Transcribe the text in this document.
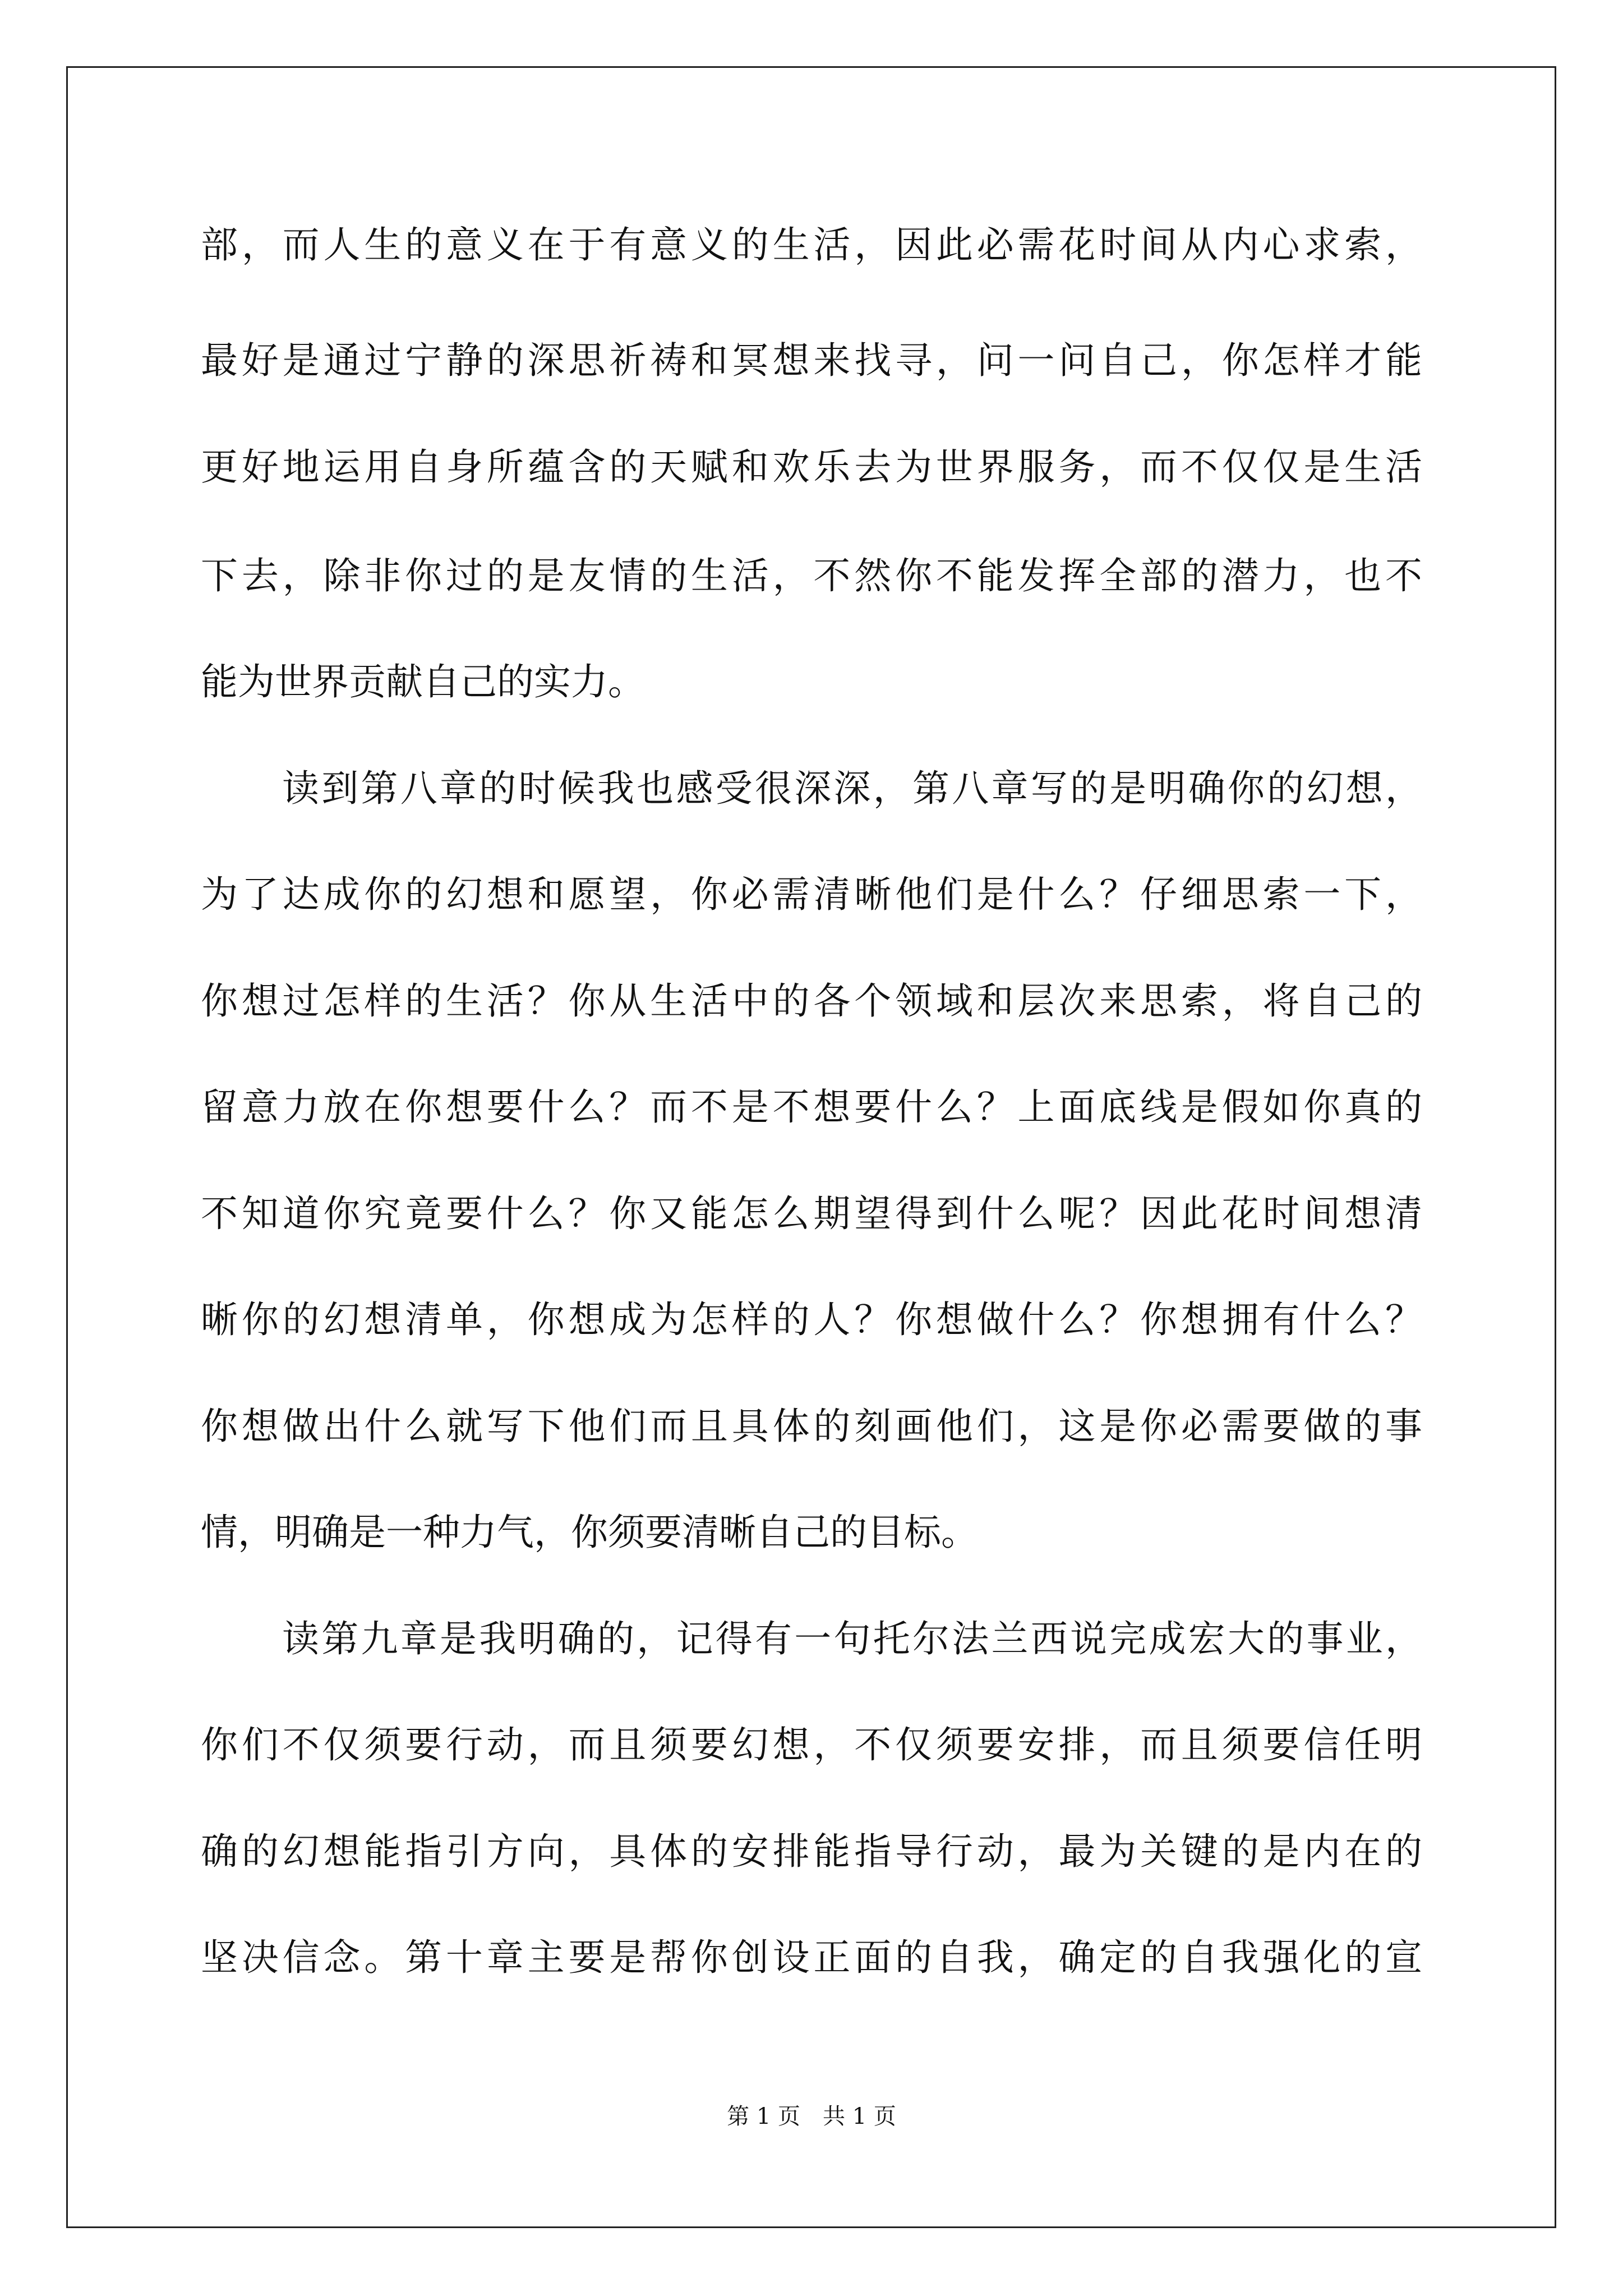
部，而人生的意义在于有意义的生活，因此必需花时间从内心求索，
最好是通过宁静的深思祈祷和冥想来找寻，问一问自己，你怎样才能
更好地运用自身所蕴含的天赋和欢乐去为世界服务，而不仅仅是生活
下去，除非你过的是友情的生活，不然你不能发挥全部的潜力，也不
能为世界贡献自己的实力。
读到第八章的时候我也感受很深深，第八章写的是明确你的幻想，
为了达成你的幻想和愿望，你必需清晰他们是什么？仔细思索一下，
你想过怎样的生活？你从生活中的各个领域和层次来思索，将自己的
留意力放在你想要什么？而不是不想要什么？上面底线是假如你真的
不知道你究竟要什么？你又能怎么期望得到什么呢？因此花时间想清
晰你的幻想清单，你想成为怎样的人？你想做什么？你想拥有什么？
你想做出什么就写下他们而且具体的刻画他们，这是你必需要做的事
情，明确是一种力气，你须要清晰自己的目标。
读第九章是我明确的，记得有一句托尔法兰西说完成宏大的事业，
你们不仅须要行动，而且须要幻想，不仅须要安排，而且须要信任明
确的幻想能指引方向，具体的安排能指导行动，最为关键的是内在的
坚决信念。第十章主要是帮你创设正面的自我，确定的自我强化的宣
第 1 页　共 1 页
